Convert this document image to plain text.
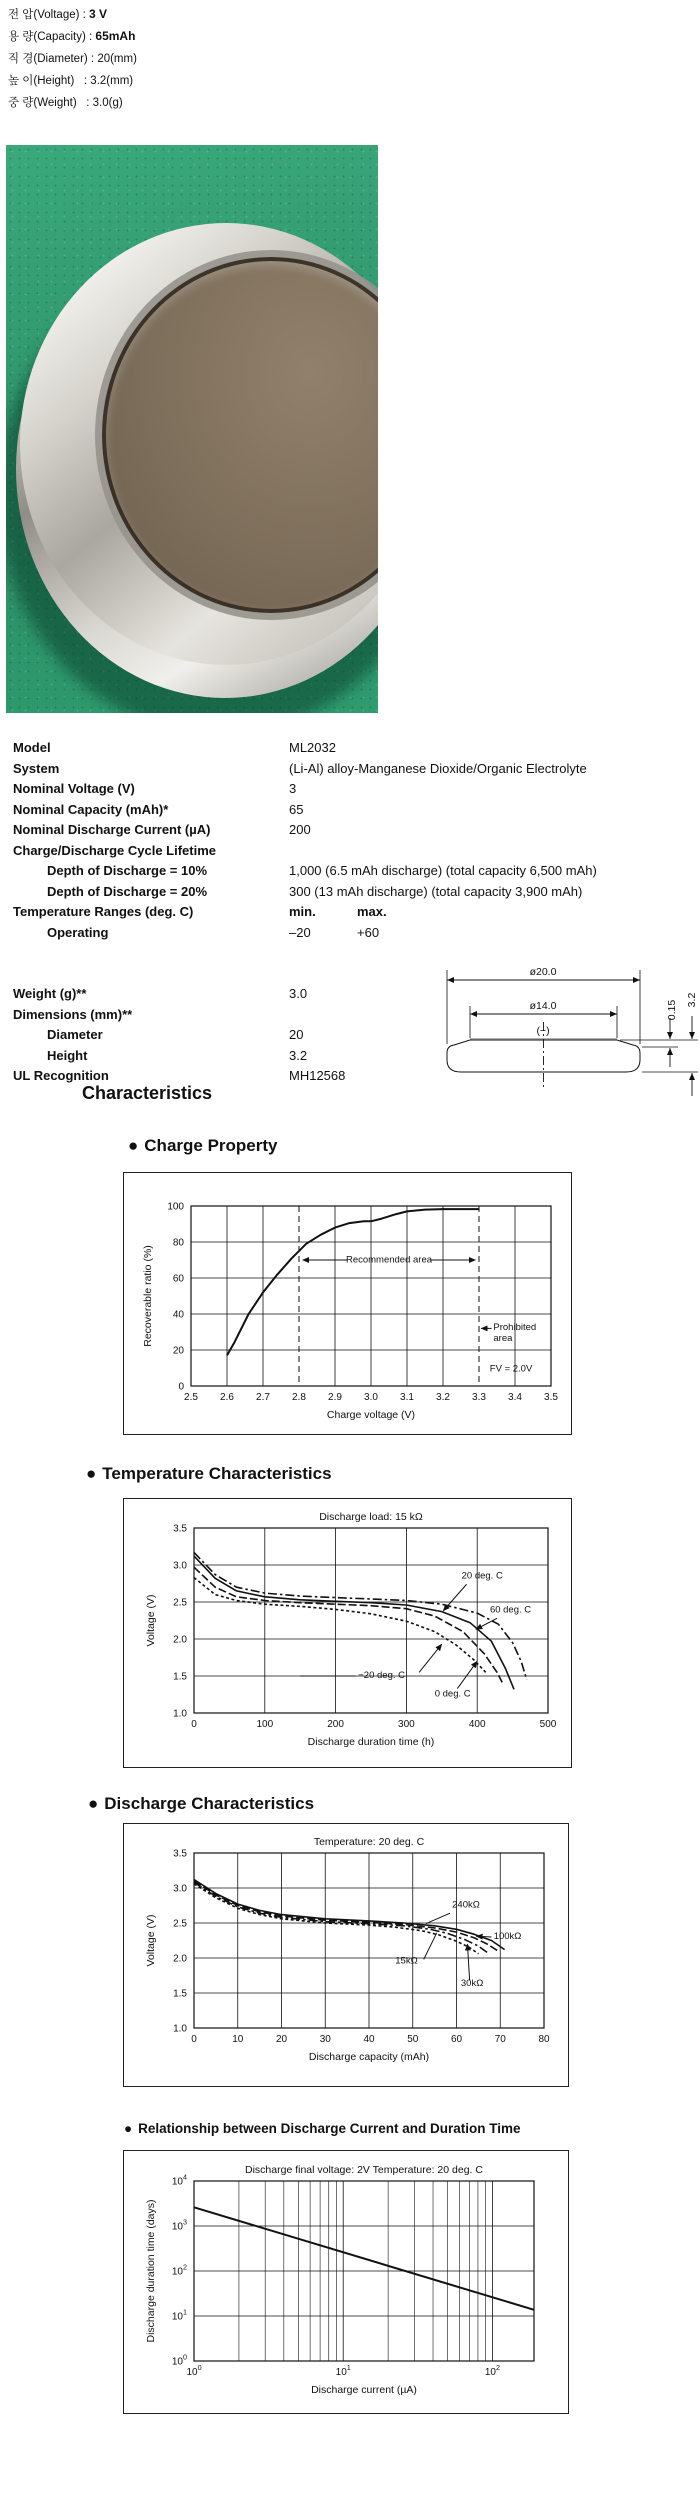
전 압(Voltage) : 3 V
용 량(Capacity) : 65mAh
직 경(Diameter) : 20(mm)
높 이(Height)   : 3.2(mm)
중 량(Weight)   : 3.0(g)
Model	ML2032
System	(Li-Al) alloy-Manganese Dioxide/Organic Electrolyte
Nominal Voltage (V)	3
Nominal Capacity (mAh)*	65
Nominal Discharge Current (µA)	200
Charge/Discharge Cycle Lifetime
Depth of Discharge = 10%	1,000 (6.5 mAh discharge) (total capacity 6,500 mAh)
Depth of Discharge = 20%	300 (13 mAh discharge) (total capacity 3,900 mAh)
Temperature Ranges (deg. C)	min.	max.
Operating	–20	+60
Weight (g)**	3.0
Dimensions (mm)**
Diameter	20
Height	3.2
UL Recognition	MH12568
ø20.0
ø14.0
(−)
0.15 3.2
Characteristics
● Charge Property
Recommended area
Prohibited area
FV = 2.0V
2.5 2.6 2.7 2.8 2.9 3.0 3.1 3.2 3.3 3.4 3.5
0
20
40
60
80
100
Charge voltage (V)
Recoverable ratio (%)
● Temperature Characteristics
20 deg. C
60 deg. C
−20 deg. C
0 deg. C
0	100	200	300	400	500
1.0
1.5
2.0
2.5
3.0
3.5
Discharge load: 15 kΩ
Discharge duration time (h)
Voltage (V)
● Discharge Characteristics
240kΩ
100kΩ
15kΩ
30kΩ
0	10	20	30	40	50	60	70	80
1.0
1.5
2.0
2.5
3.0
3.5
Temperature: 20 deg. C
Discharge capacity (mAh)
Voltage (V)
● Relationship between Discharge Current and Duration Time
$10^0$	$10^1$	$10^2$
$10^0$
$10^1$
$10^2$
$10^3$
$10^4$
Discharge final voltage: 2V Temperature: 20 deg. C
Discharge current (µA)
Discharge duration time (days)
